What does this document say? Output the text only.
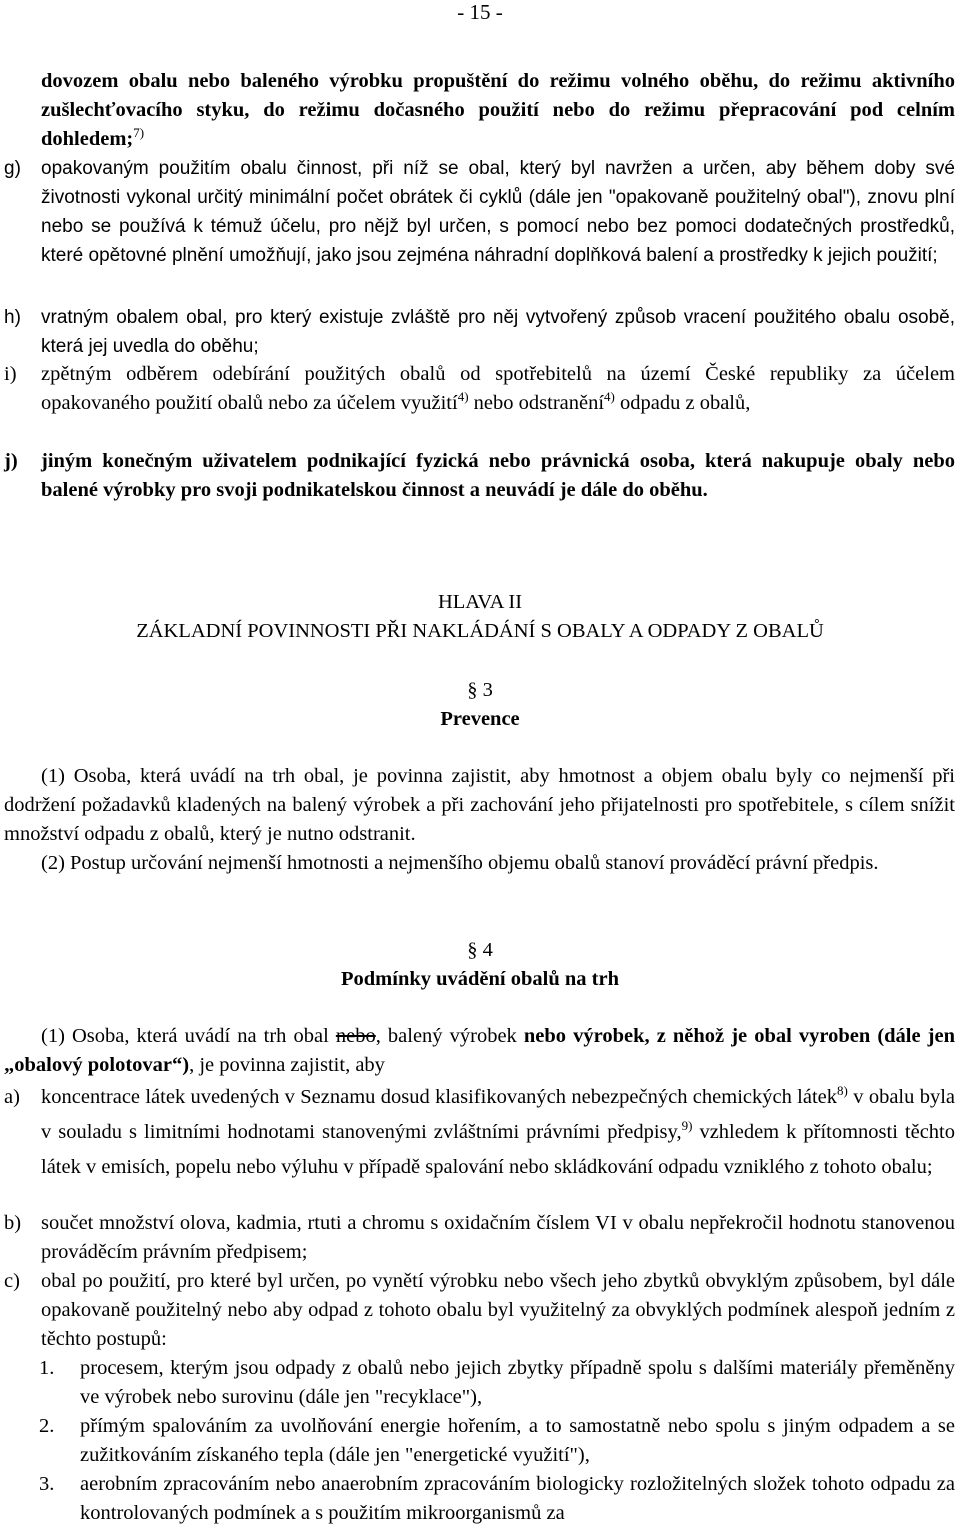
- 15 -
dovozem obalu nebo baleného výrobku propuštění do režimu volného oběhu, do režimu aktivního zušlechťovacího styku, do režimu dočasného použití nebo do režimu přepracování pod celním dohledem;$^{7)}$
g) opakovaným použitím obalu činnost, při níž se obal, který byl navržen a určen, aby během doby své životnosti vykonal určitý minimální počet obrátek či cyklů (dále jen "opakovaně použitelný obal"), znovu plní nebo se používá k témuž účelu, pro nějž byl určen, s pomocí nebo bez pomoci dodatečných prostředků, které opětovné plnění umožňují, jako jsou zejména náhradní doplňková balení a prostředky k jejich použití;
h) vratným obalem obal, pro který existuje zvláště pro něj vytvořený způsob vracení použitého obalu osobě, která jej uvedla do oběhu;
i) zpětným odběrem odebírání použitých obalů od spotřebitelů na území České republiky za účelem opakovaného použití obalů nebo za účelem využití$^{4)}$ nebo odstranění$^{4)}$ odpadu z obalů,
j) jiným konečným uživatelem podnikající fyzická nebo právnická osoba, která nakupuje obaly nebo balené výrobky pro svoji podnikatelskou činnost a neuvádí je dále do oběhu.
HLAVA II
ZÁKLADNÍ POVINNOSTI PŘI NAKLÁDÁNÍ S OBALY A ODPADY Z OBALŮ
§ 3
Prevence
(1) Osoba, která uvádí na trh obal, je povinna zajistit, aby hmotnost a objem obalu byly co nejmenší při dodržení požadavků kladených na balený výrobek a při zachování jeho přijatelnosti pro spotřebitele, s cílem snížit množství odpadu z obalů, který je nutno odstranit.
(2) Postup určování nejmenší hmotnosti a nejmenšího objemu obalů stanoví prováděcí právní předpis.
§ 4
Podmínky uvádění obalů na trh
(1) Osoba, která uvádí na trh obal nebo, balený výrobek nebo výrobek, z něhož je obal vyroben (dále jen „obalový polotovar“), je povinna zajistit, aby
a) koncentrace látek uvedených v Seznamu dosud klasifikovaných nebezpečných chemických látek$^{8)}$ v obalu byla v souladu s limitními hodnotami stanovenými zvláštními právními předpisy,$^{9)}$ vzhledem k přítomnosti těchto látek v emisích, popelu nebo výluhu v případě spalování nebo skládkování odpadu vzniklého z tohoto obalu;
b) součet množství olova, kadmia, rtuti a chromu s oxidačním číslem VI v obalu nepřekročil hodnotu stanovenou prováděcím právním předpisem;
c) obal po použití, pro které byl určen, po vynětí výrobku nebo všech jeho zbytků obvyklým způsobem, byl dále opakovaně použitelný nebo aby odpad z tohoto obalu byl využitelný za obvyklých podmínek alespoň jedním z těchto postupů:
1. procesem, kterým jsou odpady z obalů nebo jejich zbytky případně spolu s dalšími materiály přeměněny ve výrobek nebo surovinu (dále jen "recyklace"),
2. přímým spalováním za uvolňování energie hořením, a to samostatně nebo spolu s jiným odpadem a se zužitkováním získaného tepla (dále jen "energetické využití"),
3. aerobním zpracováním nebo anaerobním zpracováním biologicky rozložitelných složek tohoto odpadu za kontrolovaných podmínek a s použitím mikroorganismů za
